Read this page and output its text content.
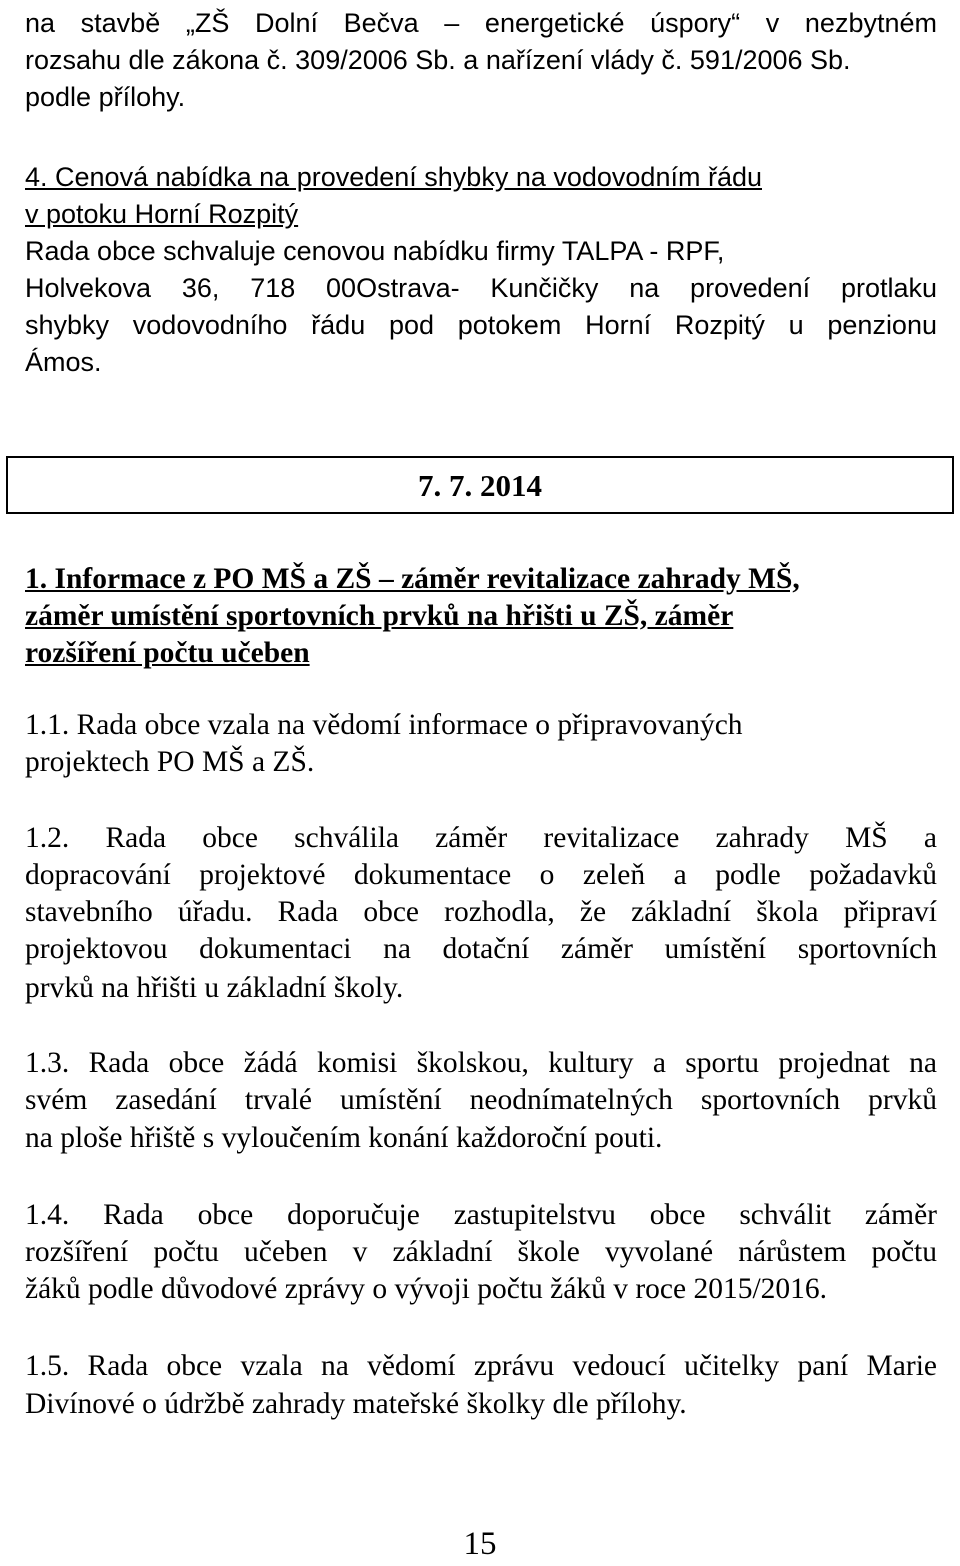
na stavbě „ZŠ Dolní Bečva – energetické úspory“ v nezbytném

rozsahu dle zákona č. 309/2006 Sb. a nařízení vlády č. 591/2006 Sb.

podle přílohy.

4. Cenová nabídka na provedení shybky na vodovodním řádu

v potoku Horní Rozpitý

Rada obce schvaluje cenovou nabídku firmy TALPA - RPF,

Holvekova 36, 718 00Ostrava- Kunčičky na provedení protlaku

shybky vodovodního řádu pod potokem Horní Rozpitý u penzionu

Ámos.

7. 7. 2014

1. Informace z PO MŠ a ZŠ – záměr revitalizace zahrady MŠ,

záměr umístění sportovních prvků na hřišti u ZŠ, záměr

rozšíření počtu učeben

1.1. Rada obce vzala na vědomí informace o připravovaných

projektech PO MŠ a ZŠ.

1.2. Rada obce schválila záměr revitalizace zahrady MŠ a

dopracování projektové dokumentace o zeleň a podle požadavků

stavebního úřadu. Rada obce rozhodla, že základní škola připraví

projektovou dokumentaci na dotační záměr umístění sportovních

prvků na hřišti u základní školy.

1.3. Rada obce žádá komisi školskou, kultury a sportu projednat na

svém zasedání trvalé umístění neodnímatelných sportovních prvků

na ploše hřiště s vyloučením konání každoroční pouti.

1.4. Rada obce doporučuje zastupitelstvu obce schválit záměr

rozšíření počtu učeben v základní škole vyvolané nárůstem počtu

žáků podle důvodové zprávy o vývoji počtu žáků v roce 2015/2016.

1.5. Rada obce vzala na vědomí zprávu vedoucí učitelky paní Marie

Divínové o údržbě zahrady mateřské školky dle přílohy.

15
